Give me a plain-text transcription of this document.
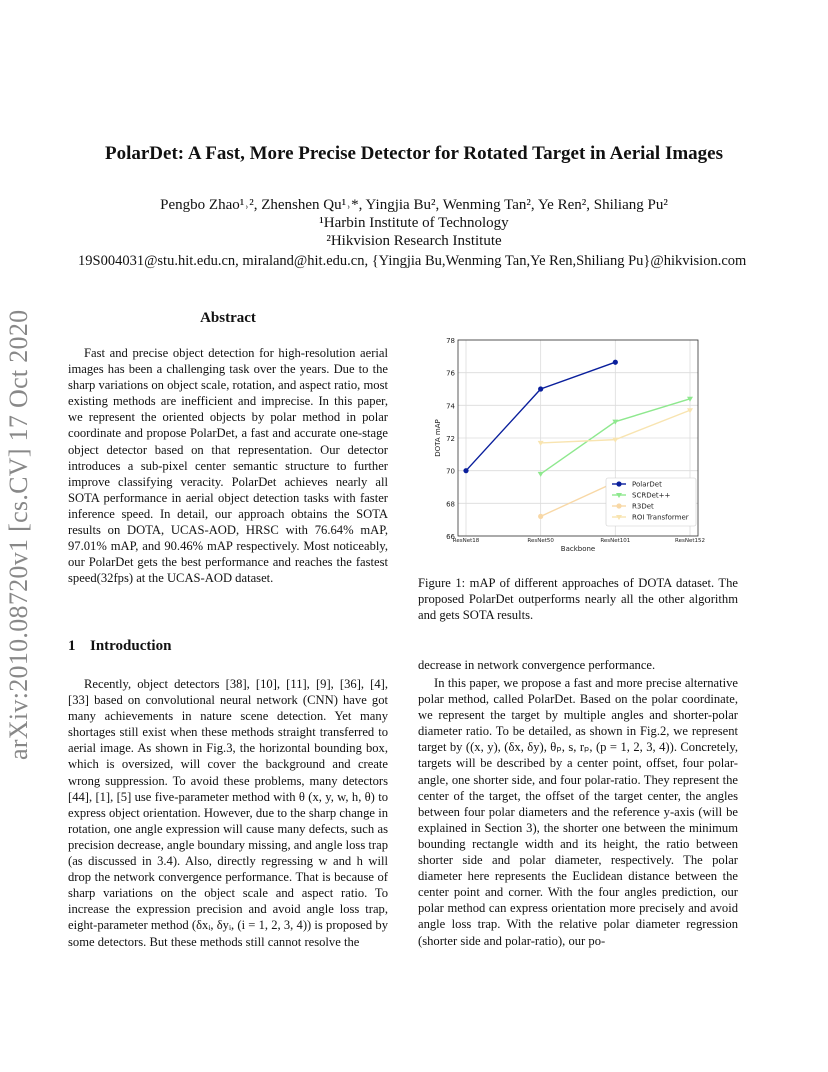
arXiv:2010.08720v1 [cs.CV] 17 Oct 2020
PolarDet: A Fast, More Precise Detector for Rotated Target in Aerial Images
Pengbo Zhao¹˒², Zhenshen Qu¹˒*, Yingjia Bu², Wenming Tan², Ye Ren², Shiliang Pu²
¹Harbin Institute of Technology
²Hikvision Research Institute
19S004031@stu.hit.edu.cn, miraland@hit.edu.cn, {Yingjia Bu,Wenming Tan,Ye Ren,Shiliang Pu}@hikvision.com
Abstract

Fast and precise object detection for high-resolution aerial images has been a challenging task over the years. Due to the sharp variations on object scale, rotation, and aspect ratio, most existing methods are inefficient and imprecise. In this paper, we represent the oriented objects by polar method in polar coordinate and propose PolarDet, a fast and accurate one-stage object detector based on that representation. Our detector introduces a sub-pixel center semantic structure to further improve classifying veracity. PolarDet achieves nearly all SOTA performance in aerial object detection tasks with faster inference speed. In detail, our approach obtains the SOTA results on DOTA, UCAS-AOD, HRSC with 76.64% mAP, 97.01% mAP, and 90.46% mAP respectively. Most noticeably, our PolarDet gets the best performance and reaches the fastest speed(32fps) at the UCAS-AOD dataset.

1 Introduction

Recently, object detectors [38], [10], [11], [9], [36], [4], [33] based on convolutional neural network (CNN) have got many achievements in nature scene detection. Yet many shortages still exist when these methods straight transferred to aerial image. As shown in Fig.3, the horizontal bounding box, which is oversized, will cover the background and create wrong suppression. To avoid these problems, many detectors [44], [1], [5] use five-parameter method with θ (x, y, w, h, θ) to express object orientation. However, due to the sharp change in rotation, one angle expression will cause many defects, such as precision decrease, angle boundary missing, and angle loss trap (as discussed in 3.4). Also, directly regressing w and h will drop the network convergence performance. That is because of sharp variations on the object scale and aspect ratio. To increase the expression precision and avoid angle loss trap, eight-parameter method (δxᵢ, δyᵢ, (i = 1, 2, 3, 4)) is proposed by some detectors. But these methods still cannot resolve the

66
68
70
72
74
76
78
ResNet18	ResNet50	ResNet101	ResNet152
Backbone
DOTA mAP
PolarDet
SCRDet++
R3Det
ROI Transformer

Figure 1: mAP of different approaches of DOTA dataset. The proposed PolarDet outperforms nearly all the other algorithm and gets SOTA results.

decrease in network convergence performance.

In this paper, we propose a fast and more precise alternative polar method, called PolarDet. Based on the polar coordinate, we represent the target by multiple angles and shorter-polar diameter ratio. To be detailed, as shown in Fig.2, we represent target by ((x, y), (δx, δy), θₚ, s, rₚ, (p = 1, 2, 3, 4)). Concretely, targets will be described by a center point, offset, four polar-angle, one shorter side, and four polar-ratio. They represent the center of the target, the offset of the target center, the angles between four polar diameters and the reference y-axis (will be explained in Section 3), the shorter one between the minimum bounding rectangle width and its height, the ratio between shorter side and polar diameter, respectively. The polar diameter here represents the Euclidean distance between the center point and corner. With the four angles prediction, our polar method can express orientation more precisely and avoid angle loss trap. With the relative polar diameter regression (shorter side and polar-ratio), our po-
